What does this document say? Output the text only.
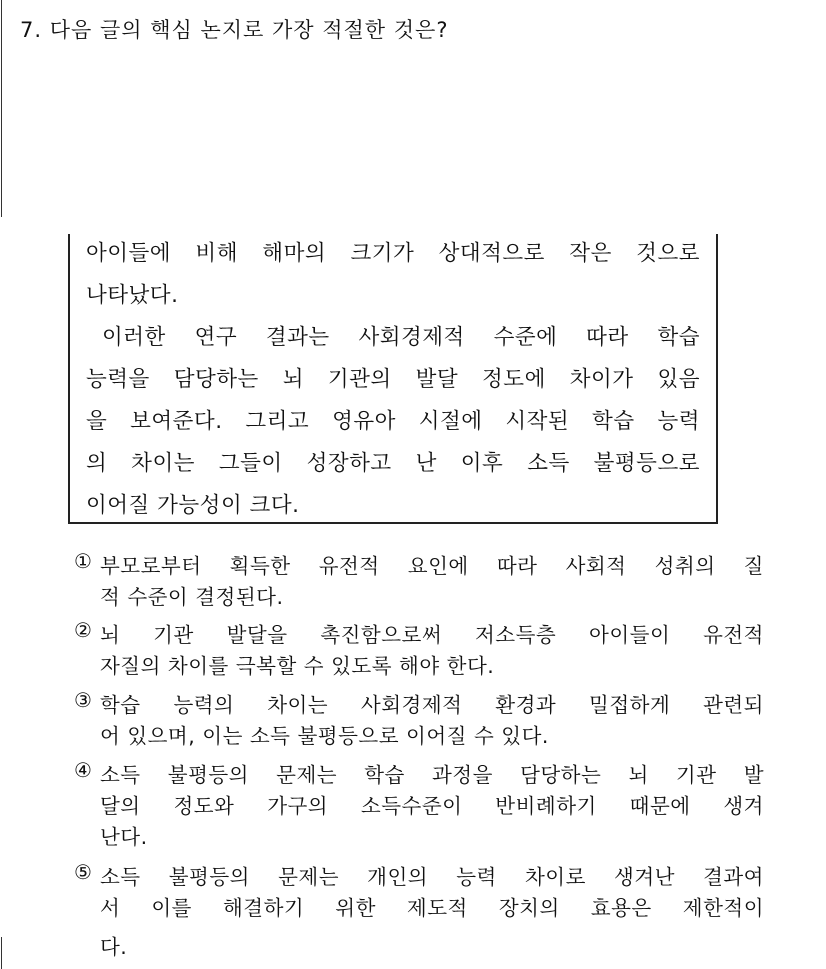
7. 다음 글의 핵심 논지로 가장 적절한 것은?
아이들에 비해 해마의 크기가 상대적으로 작은 것으로
나타났다.
이러한 연구 결과는 사회경제적 수준에 따라 학습
능력을 담당하는 뇌 기관의 발달 정도에 차이가 있음
을 보여준다. 그리고 영유아 시절에 시작된 학습 능력
의 차이는 그들이 성장하고 난 이후 소득 불평등으로
이어질 가능성이 크다.
① 부모로부터 획득한 유전적 요인에 따라 사회적 성취의 질
적 수준이 결정된다.
② 뇌 기관 발달을 촉진함으로써 저소득층 아이들이 유전적
자질의 차이를 극복할 수 있도록 해야 한다.
③ 학습 능력의 차이는 사회경제적 환경과 밀접하게 관련되
어 있으며, 이는 소득 불평등으로 이어질 수 있다.
④ 소득 불평등의 문제는 학습 과정을 담당하는 뇌 기관 발
달의 정도와 가구의 소득수준이 반비례하기 때문에 생겨
난다.
⑤ 소득 불평등의 문제는 개인의 능력 차이로 생겨난 결과여
서 이를 해결하기 위한 제도적 장치의 효용은 제한적이
다.
